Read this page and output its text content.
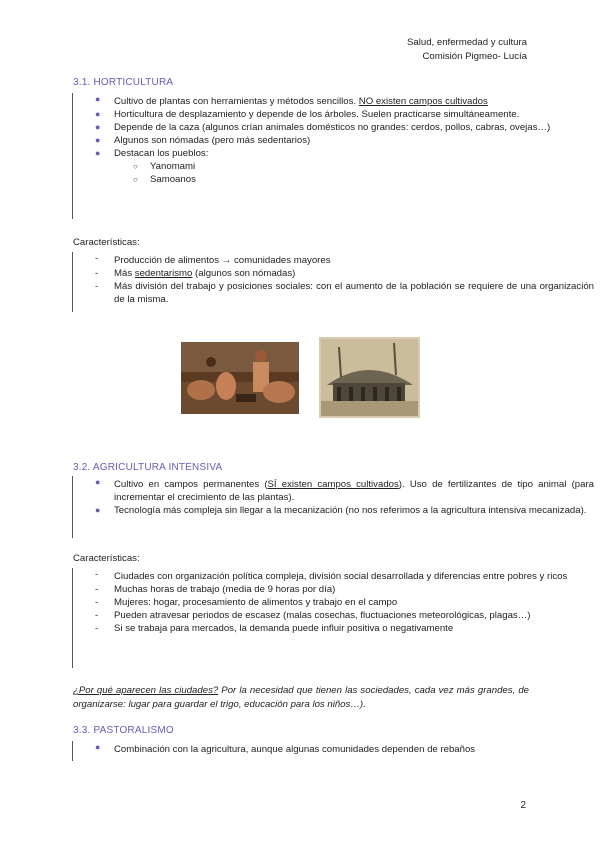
Salud, enfermedad y cultura
Comisión Pigmeo- Lucía
3.1. HORTICULTURA
● Cultivo de plantas con herramientas y métodos sencillos. NO existen campos cultivados
● Horticultura de desplazamiento y depende de los árboles. Suelen practicarse simultáneamente.
● Depende de la caza (algunos crían animales domésticos no grandes: cerdos, pollos, cabras, ovejas…)
● Algunos son nómadas (pero más sedentarios)
● Destacan los pueblos:
○ Yanomami
○ Samoanos
Características:
- Producción de alimentos → comunidades mayores
- Más sedentarismo (algunos son nómadas)
- Más división del trabajo y posiciones sociales: con el aumento de la población se requiere de una organización de la misma.
3.2. AGRICULTURA INTENSIVA
● Cultivo en campos permanentes (SÍ existen campos cultivados). Uso de fertilizantes de tipo animal (para incrementar el crecimiento de las plantas).
● Tecnología más compleja sin llegar a la mecanización (no nos referimos a la agricultura intensiva mecanizada).
Características:
- Ciudades con organización política compleja, división social desarrollada y diferencias entre pobres y ricos
- Muchas horas de trabajo (media de 9 horas por día)
- Mujeres: hogar, procesamiento de alimentos y trabajo en el campo
- Pueden atravesar periodos de escasez (malas cosechas, fluctuaciones meteorológicas, plagas…)
- Si se trabaja para mercados, la demanda puede influir positiva o negativamente
¿Por qué aparecen las ciudades? Por la necesidad que tienen las sociedades, cada vez más grandes, de organizarse: lugar para guardar el trigo, educación para los niños…).
3.3. PASTORALISMO
● Combinación con la agricultura, aunque algunas comunidades dependen de rebaños
2
